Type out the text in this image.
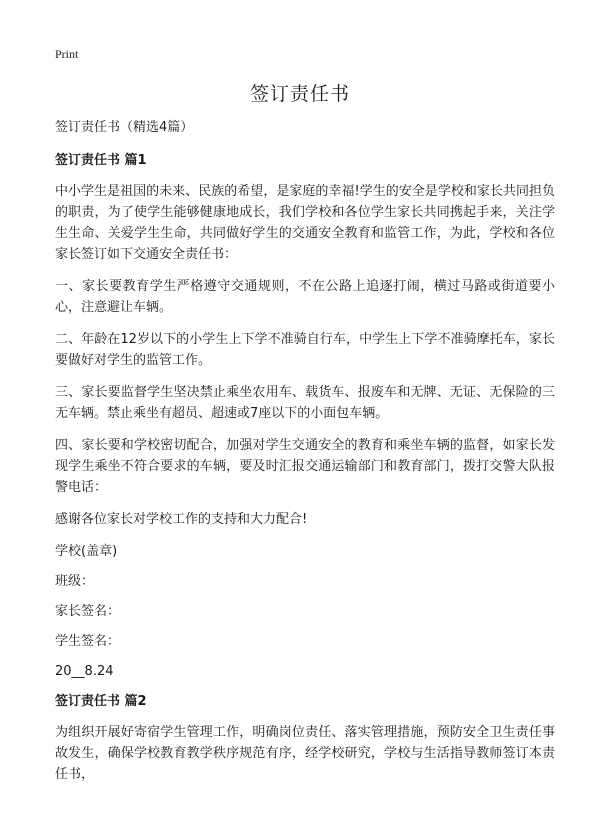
Print
签订责任书

签订责任书（精选4篇）

签订责任书 篇1

中小学生是祖国的未来、民族的希望，是家庭的幸福!学生的安全是学校和家长共同担负的职责，为了使学生能够健康地成长，我们学校和各位学生家长共同携起手来，关注学生生命、关爱学生生命，共同做好学生的交通安全教育和监管工作，为此，学校和各位家长签订如下交通安全责任书：

一、家长要教育学生严格遵守交通规则，不在公路上追逐打闹，横过马路或街道要小心，注意避让车辆。

二、年龄在12岁以下的小学生上下学不准骑自行车，中学生上下学不准骑摩托车，家长要做好对学生的监管工作。

三、家长要监督学生坚决禁止乘坐农用车、载货车、报废车和无牌、无证、无保险的三无车辆。禁止乘坐有超员、超速或7座以下的小面包车辆。

四、家长要和学校密切配合，加强对学生交通安全的教育和乘坐车辆的监督，如家长发现学生乘坐不符合要求的车辆，要及时汇报交通运输部门和教育部门，拨打交警大队报警电话：

感谢各位家长对学校工作的支持和大力配合!

学校(盖章)

班级：

家长签名：

学生签名：

20__8.24

签订责任书 篇2

为组织开展好寄宿学生管理工作，明确岗位责任、落实管理措施，预防安全卫生责任事故发生，确保学校教育教学秩序规范有序，经学校研究，学校与生活指导教师签订本责任书，
